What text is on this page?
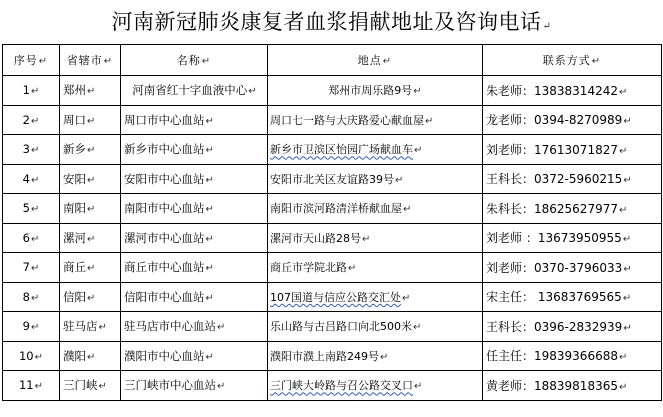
河南新冠肺炎康复者血浆捐献地址及咨询电话↵
序号↵	省辖市↵	名称↵	地点↵	联系方式↵
1↵	郑州↵	河南省红十字血液中心↵	郑州市周乐路9号↵	朱老师：13838314242↵
2↵	周口↵	周口市中心血站↵	周口七一路与大庆路爱心献血屋↵	龙老师：0394-8270989↵
3↵	新乡↵	新乡市中心血站↵	新乡市卫滨区怡园广场献血车↵	刘老师：17613071827↵
4↵	安阳↵	安阳市中心血站↵	安阳市北关区友谊路39号↵	王科长：0372-5960215↵
5↵	南阳↵	南阳市中心血站↵	南阳市滨河路清洋桥献血屋↵	朱科长：18625627977↵
6↵	漯河↵	漯河市中心血站↵	漯河市天山路28号↵	刘老师 ：13673950955↵
7↵	商丘↵	商丘市中心血站↵	商丘市学院北路↵	刘老师：0370-3796033↵
8↵	信阳↵	信阳市中心血站↵	107国道与信应公路交汇处↵	宋主任： 13683769565↵
9↵	驻马店↵	驻马店市中心血站↵	乐山路与古吕路口向北500米↵	王科长：0396-2832939↵
10↵	濮阳↵	濮阳市中心血站↵	濮阳市濮上南路249号↵	任主任：19839366688↵
11↵	三门峡↵	三门峡市中心血站↵	三门峡大岭路与召公路交叉口↵	黄老师：18839818365↵
